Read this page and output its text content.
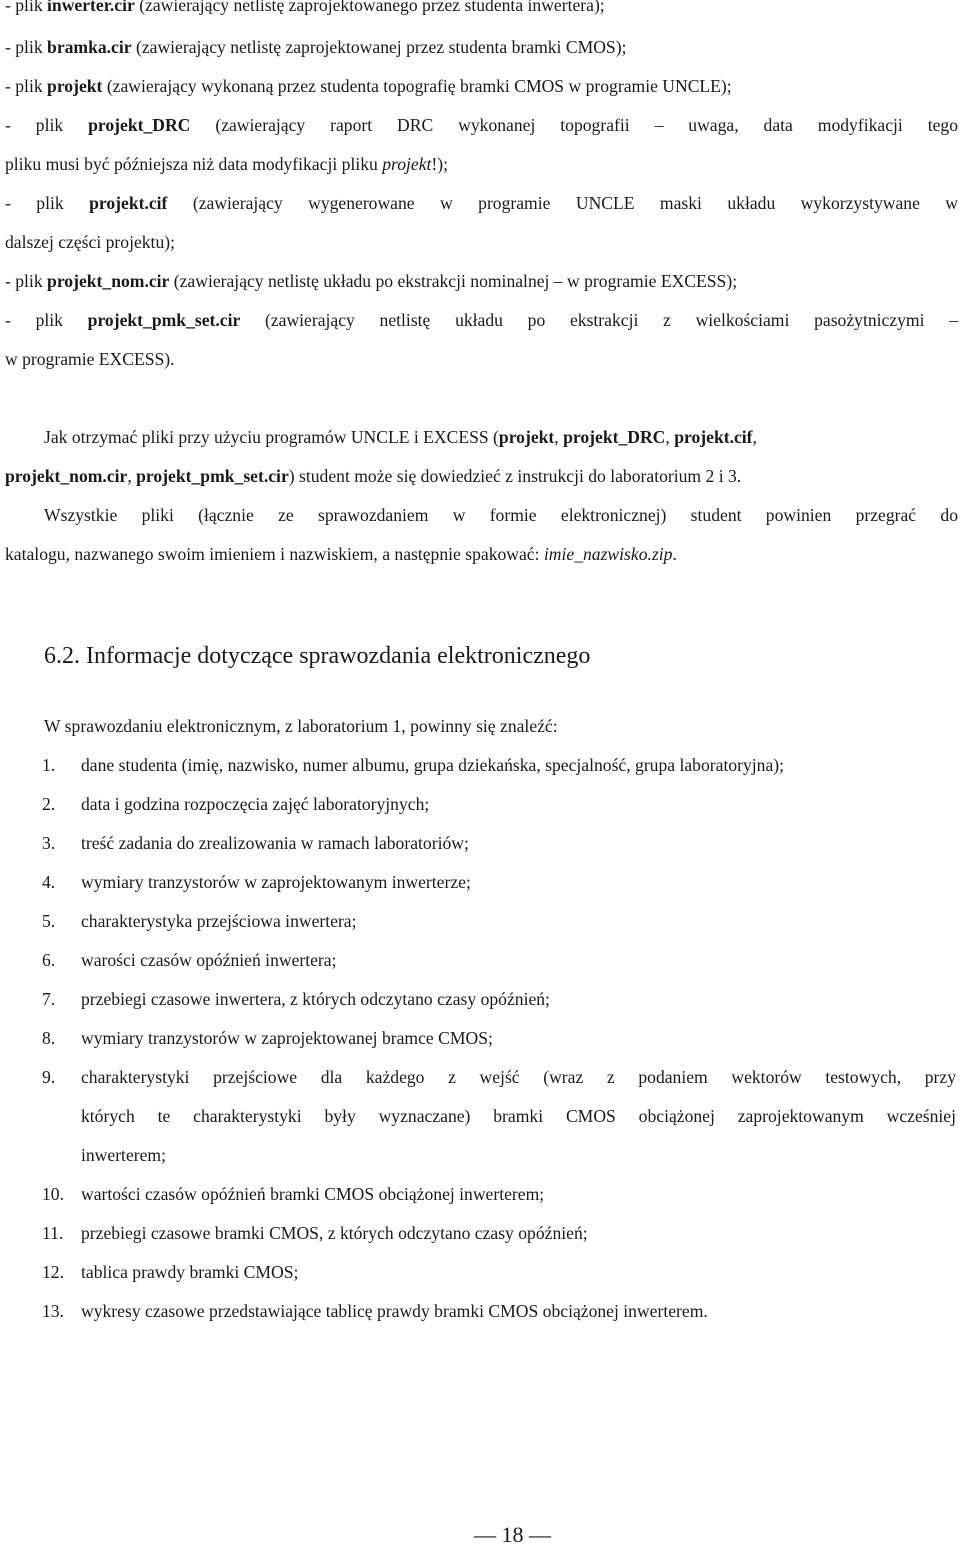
- plik inwerter.cir (zawierający netlistę zaprojektowanego przez studenta inwertera);
- plik bramka.cir (zawierający netlistę zaprojektowanej przez studenta bramki CMOS);
- plik projekt (zawierający wykonaną przez studenta topografię bramki CMOS w programie UNCLE);
- plik projekt_DRC (zawierający raport DRC wykonanej topografii – uwaga, data modyfikacji tego
pliku musi być późniejsza niż data modyfikacji pliku projekt!);
- plik projekt.cif (zawierający wygenerowane w programie UNCLE maski układu wykorzystywane w
dalszej części projektu);
- plik projekt_nom.cir (zawierający netlistę układu po ekstrakcji nominalnej – w programie EXCESS);
- plik projekt_pmk_set.cir (zawierający netlistę układu po ekstrakcji z wielkościami pasożytniczymi –
w programie EXCESS).
Jak otrzymać pliki przy użyciu programów UNCLE i EXCESS (projekt, projekt_DRC, projekt.cif,
projekt_nom.cir, projekt_pmk_set.cir) student może się dowiedzieć z instrukcji do laboratorium 2 i 3.
Wszystkie pliki (łącznie ze sprawozdaniem w formie elektronicznej) student powinien przegrać do
katalogu, nazwanego swoim imieniem i nazwiskiem, a następnie spakować: imie_nazwisko.zip.
6.2. Informacje dotyczące sprawozdania elektronicznego
W sprawozdaniu elektronicznym, z laboratorium 1, powinny się znaleźć:
1.	dane studenta (imię, nazwisko, numer albumu, grupa dziekańska, specjalność, grupa laboratoryjna);
2.	data i godzina rozpoczęcia zajęć laboratoryjnych;
3.	treść zadania do zrealizowania w ramach laboratoriów;
4.	wymiary tranzystorów w zaprojektowanym inwerterze;
5.	charakterystyka przejściowa inwertera;
6.	warości czasów opóźnień inwertera;
7.	przebiegi czasowe inwertera, z których odczytano czasy opóźnień;
8.	wymiary tranzystorów w zaprojektowanej bramce CMOS;
9.	charakterystyki przejściowe dla każdego z wejść (wraz z podaniem wektorów testowych, przy
których te charakterystyki były wyznaczane) bramki CMOS obciążonej zaprojektowanym wcześniej
inwerterem;
10. wartości czasów opóźnień bramki CMOS obciążonej inwerterem;
11.	przebiegi czasowe bramki CMOS, z których odczytano czasy opóźnień;
12. tablica prawdy bramki CMOS;
13. wykresy czasowe przedstawiające tablicę prawdy bramki CMOS obciążonej inwerterem.
— 18 —
